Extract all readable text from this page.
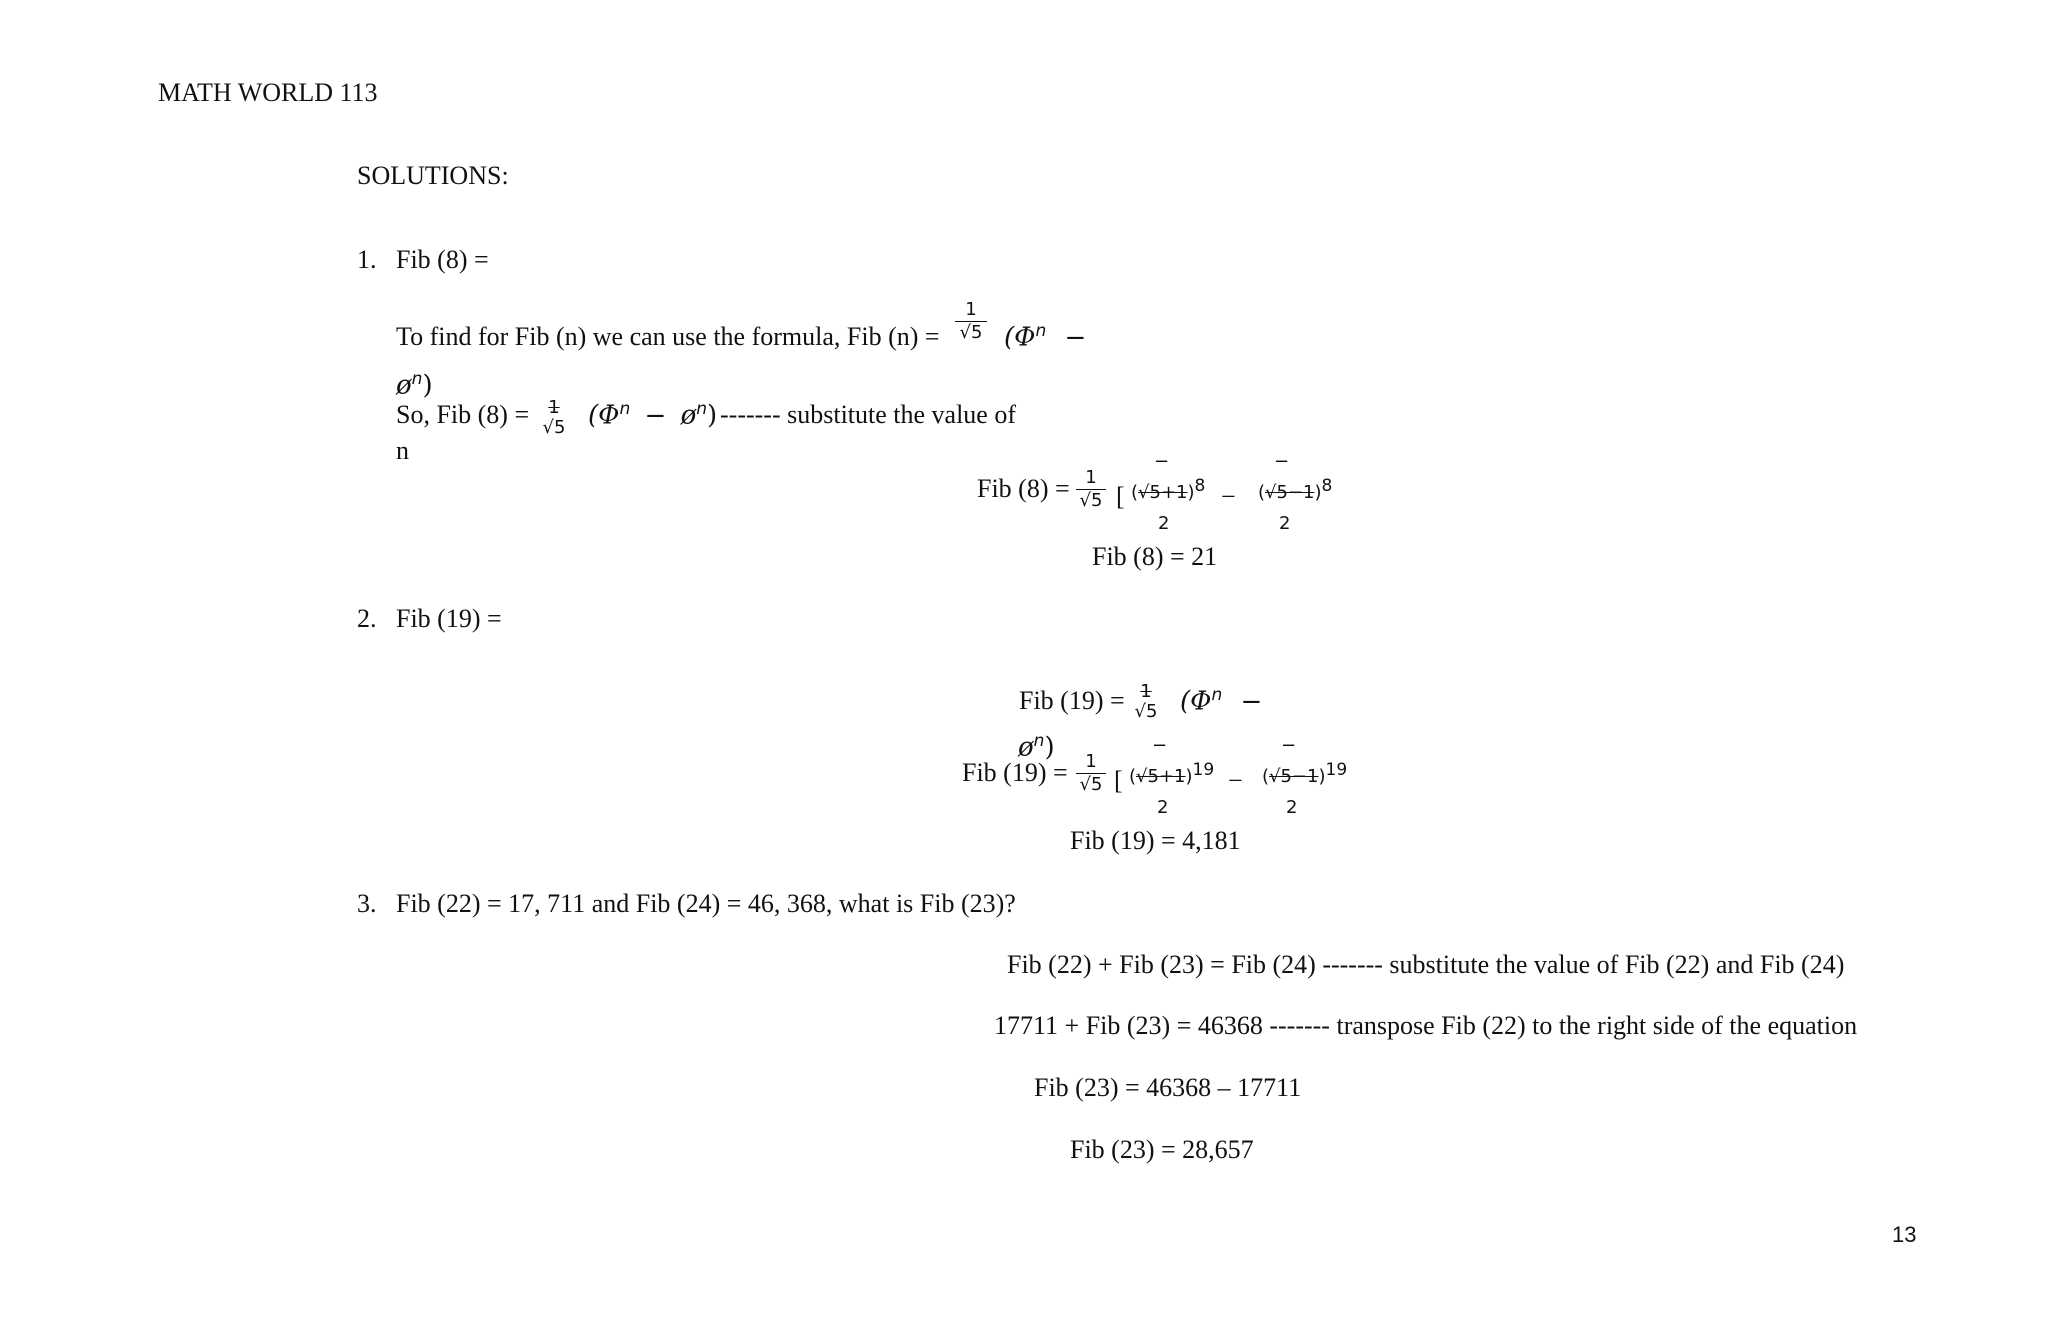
MATH WORLD 113
SOLUTIONS:
1. Fib (8) =
To find for Fib (n) we can use the formula, Fib (n) =
1
√5 ($\Phi^n$ −
$ø^n$)
So, Fib (8) =	1
√5 ($\Phi^n$ − $ø^n$) ------- substitute the value of
n
Fib (8) = 1
√5 [
−
$(√5+1)^8$
2
−
−
$(√5-1)^8$
2
Fib (8) = 21
2. Fib (19) =
Fib (19) = 1
√5 ($\Phi^n$ −
$ø^n$)
Fib (19) = 1
√5 [
−
$(√5+1)^{19}$
2
−
−
$(√5-1)^{19}$
2
Fib (19) = 4,181
3. Fib (22) = 17, 711 and Fib (24) = 46, 368, what is Fib (23)?
Fib (22) + Fib (23) = Fib (24) ------- substitute the value of Fib (22) and Fib (24)
17711 + Fib (23) = 46368 ------- transpose Fib (22) to the right side of the equation
Fib (23) = 46368 – 17711
Fib (23) = 28,657
13
